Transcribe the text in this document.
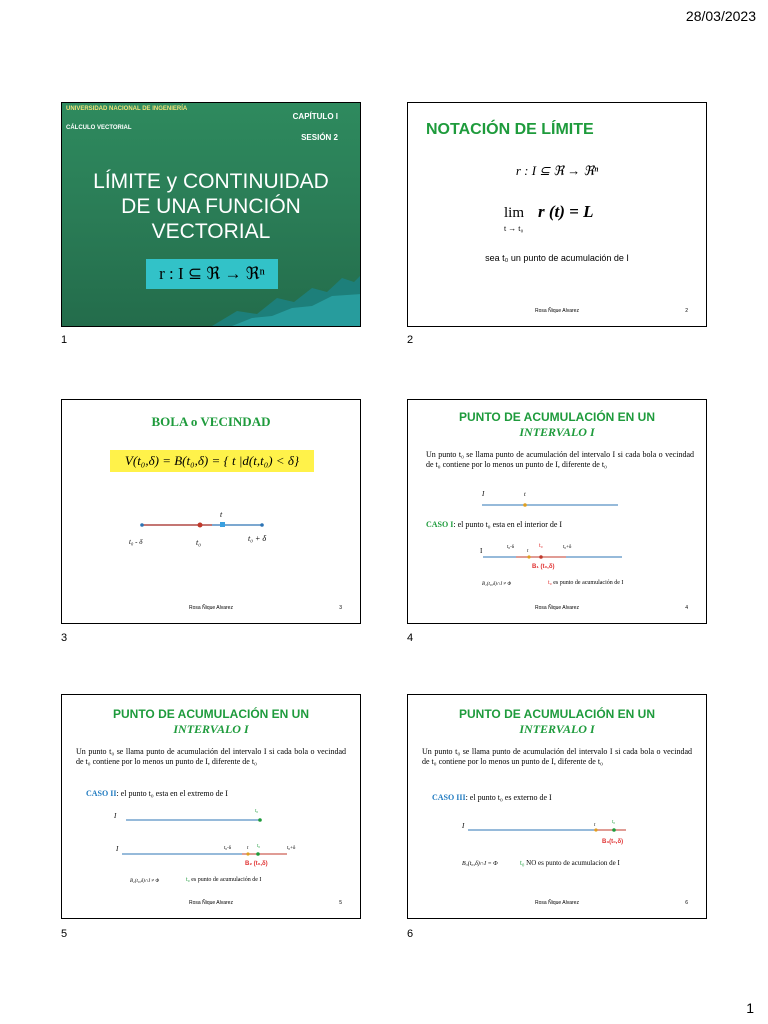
28/03/2023
UNIVERSIDAD NACIONAL DE INGENIERÍA
CÁLCULO VECTORIAL
CAPÍTULO I
SESIÓN 2
LÍMITE y CONTINUIDAD
DE UNA FUNCIÓN
VECTORIAL
r : I ⊆ ℜ → ℜⁿ
1
NOTACIÓN DE LÍMITE
r : I ⊆ ℜ → ℜⁿ
lim
t → t₀
r (t) = L
sea t₀ un punto de acumulación de I
Rosa Ñique Alvarez	2
2
BOLA o VECINDAD
V(t₀,δ) = B(t₀,δ) = { t |d(t,t₀) < δ}
t
t₀ - δ	t₀	t₀ + δ
Rosa Ñique Alvarez	3
3
PUNTO DE ACUMULACIÓN EN UN
INTERVALO I
Un punto t₀ se llama punto de acumulación del intervalo I si cada bola o vecindad de t₀ contiene por lo menos un punto de I, diferente de t₀
I	t
CASO I: el punto t₀ esta en el interior de I
I	t₀-δ
t
t₀	t₀+δ
B₁ (t₀,δ)
B₁(t₀,δ)∩I ≠ Φ	t₀ es punto de acumulación de I
Rosa Ñique Alvarez	4
4
PUNTO DE ACUMULACIÓN EN UN
INTERVALO I
Un punto t₀ se llama punto de acumulación del intervalo I si cada bola o vecindad de t₀ contiene por lo menos un punto de I, diferente de t₀
CASO II: el punto t₀ esta en el extremo de I
I
t₀
I	t₀-δ	t t₀	t₀+δ
B₂ (t₀,δ)
B₂(t₀,δ)∩I ≠ Φ	t₀ es punto de acumulación de I
Rosa Ñique Alvarez	5
5
PUNTO DE ACUMULACIÓN EN UN
INTERVALO I
Un punto t₀ se llama punto de acumulación del intervalo I si cada bola o vecindad de t₀ contiene por lo menos un punto de I, diferente de t₀
CASO III: el punto t₀ es externo de I
I	t
t₀
B₃(t₀,δ)
B₃(t₀,δ)∩I = Φ	t₀ NO es punto de acumulacion de I
Rosa Ñique Alvarez	6
6
1
